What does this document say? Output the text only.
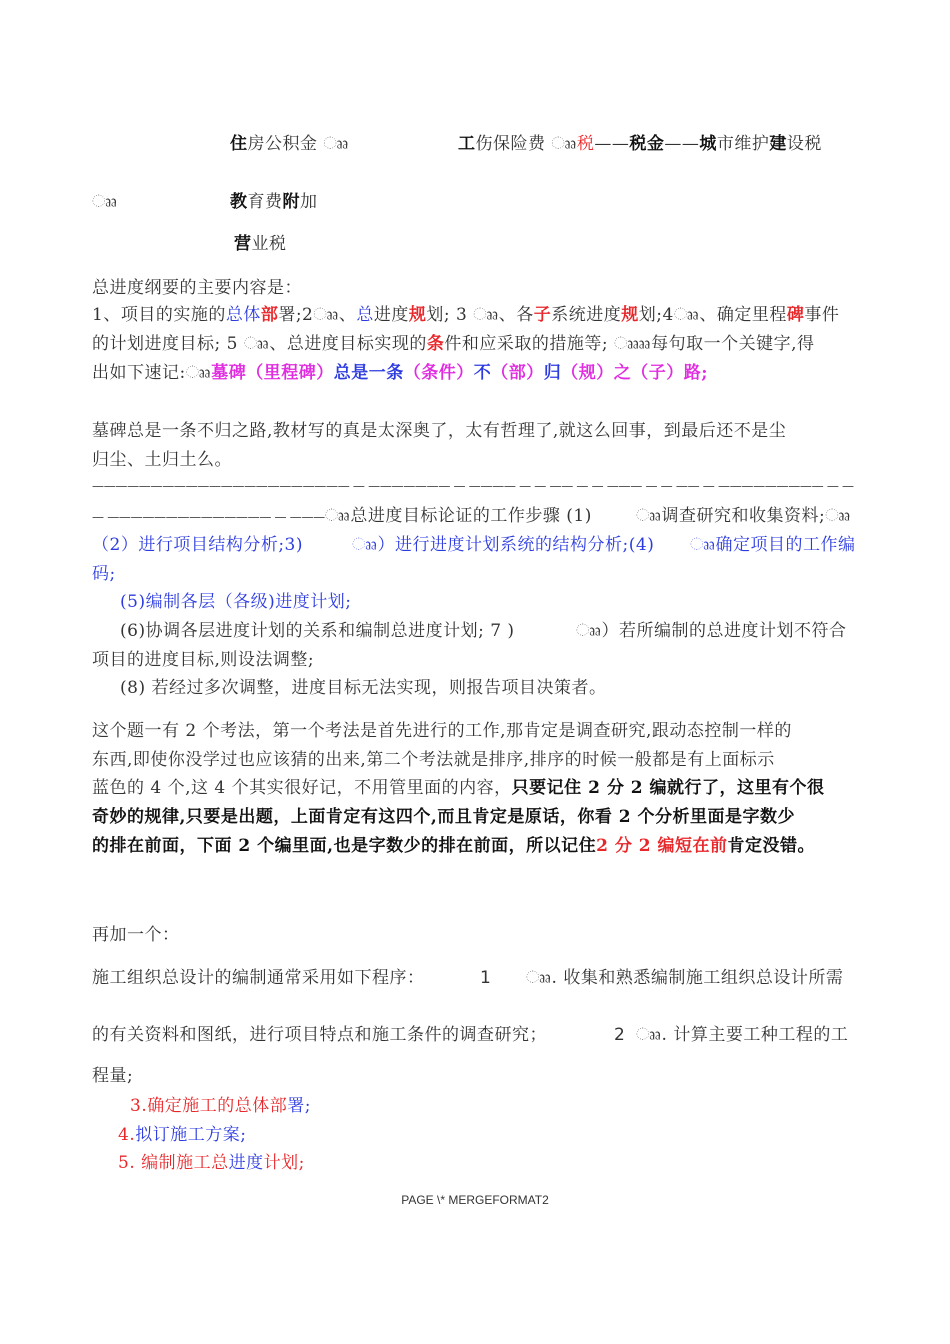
住房公积金 ෲ	工伤保险费 ෲ税——税金——城市维护建设税
ෲ	教育费附加
营业税
总进度纲要的主要内容是：
1、项目的实施的总体部署;2ෲ、总进度规划; 3 ෲ、各子系统进度规划;4ෲ、确定里程碑事件
的计划进度目标; 5 ෲ、总进度目标实现的条件和应采取的措施等; ෲ每句取一个关键字,得
出如下速记:ෲ墓碑（里程碑）总是一条（条件）不（部）归（规）之（子）路;
墓碑总是一条不归之路,教材写的真是太深奥了，太有哲理了,就这么回事，到最后还不是尘
归尘、土归土么。
—————————————————————— — ——————— — ———— — — —— — — ——— — — —— — ————————— — —
— —————————————— — ———ෲ总进度目标论证的工作步骤 (1)	ෲ调查研究和收集资料;ෲ
（2）进行项目结构分析;3)	ෲ）进行进度计划系统的结构分析;(4) ෲ确定项目的工作编
码;
(5)编制各层（各级)进度计划;
(6)协调各层进度计划的关系和编制总进度计划; 7 )	ෲ）若所编制的总进度计划不符合
项目的进度目标,则设法调整;
(8) 若经过多次调整，进度目标无法实现，则报告项目决策者。
这个题一有 2 个考法，第一个考法是首先进行的工作,那肯定是调查研究,跟动态控制一样的
东西,即使你没学过也应该猜的出来,第二个考法就是排序,排序的时候一般都是有上面标示
蓝色的 4 个,这 4 个其实很好记，不用管里面的内容，只要记住 2 分 2 编就行了，这里有个很
奇妙的规律,只要是出题，上面肯定有这四个,而且肯定是原话，你看 2 个分析里面是字数少
的排在前面，下面 2 个编里面,也是字数少的排在前面，所以记住2 分 2 编短在前肯定没错。
再加一个：
施工组织总设计的编制通常采用如下程序：	1 ෲ. 收集和熟悉编制施工组织总设计所需
的有关资料和图纸，进行项目特点和施工条件的调查研究；	2 ෲ. 计算主要工种工程的工
程量;
3.确定施工的总体部署;
4.拟订施工方案;
5. 编制施工总进度计划;
PAGE \* MERGEFORMAT2
